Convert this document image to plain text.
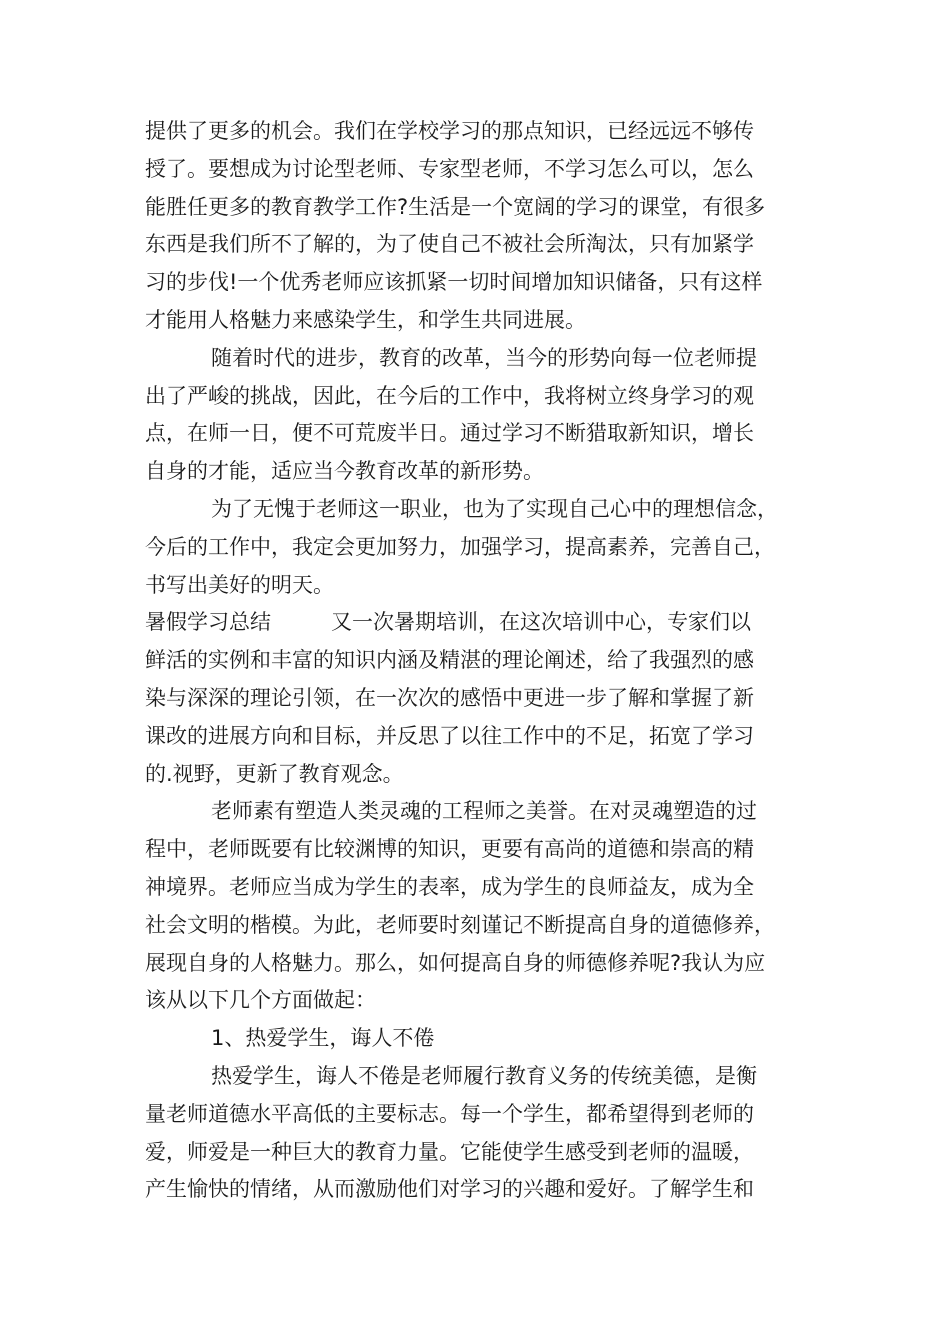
提供了更多的机会。我们在学校学习的那点知识，已经远远不够传
授了。要想成为讨论型老师、专家型老师，不学习怎么可以，怎么
能胜任更多的教育教学工作?生活是一个宽阔的学习的课堂，有很多
东西是我们所不了解的，为了使自己不被社会所淘汰，只有加紧学
习的步伐!一个优秀老师应该抓紧一切时间增加知识储备，只有这样
才能用人格魅力来感染学生，和学生共同进展。
随着时代的进步，教育的改革，当今的形势向每一位老师提
出了严峻的挑战，因此，在今后的工作中，我将树立终身学习的观
点，在师一日，便不可荒废半日。通过学习不断猎取新知识，增长
自身的才能，适应当今教育改革的新形势。
为了无愧于老师这一职业，也为了实现自己心中的理想信念，
今后的工作中，我定会更加努力，加强学习，提高素养，完善自己，
书写出美好的明天。
暑假学习总结	又一次暑期培训，在这次培训中心，专家们以
鲜活的实例和丰富的知识内涵及精湛的理论阐述，给了我强烈的感
染与深深的理论引领，在一次次的感悟中更进一步了解和掌握了新
课改的进展方向和目标，并反思了以往工作中的不足，拓宽了学习
的.视野，更新了教育观念。
老师素有塑造人类灵魂的工程师之美誉。在对灵魂塑造的过
程中，老师既要有比较渊博的知识，更要有高尚的道德和崇高的精
神境界。老师应当成为学生的表率，成为学生的良师益友，成为全
社会文明的楷模。为此，老师要时刻谨记不断提高自身的道德修养，
展现自身的人格魅力。那么，如何提高自身的师德修养呢?我认为应
该从以下几个方面做起：
1、热爱学生，诲人不倦
热爱学生，诲人不倦是老师履行教育义务的传统美德，是衡
量老师道德水平高低的主要标志。每一个学生，都希望得到老师的
爱，师爱是一种巨大的教育力量。它能使学生感受到老师的温暖，
产生愉快的情绪，从而激励他们对学习的兴趣和爱好。了解学生和
